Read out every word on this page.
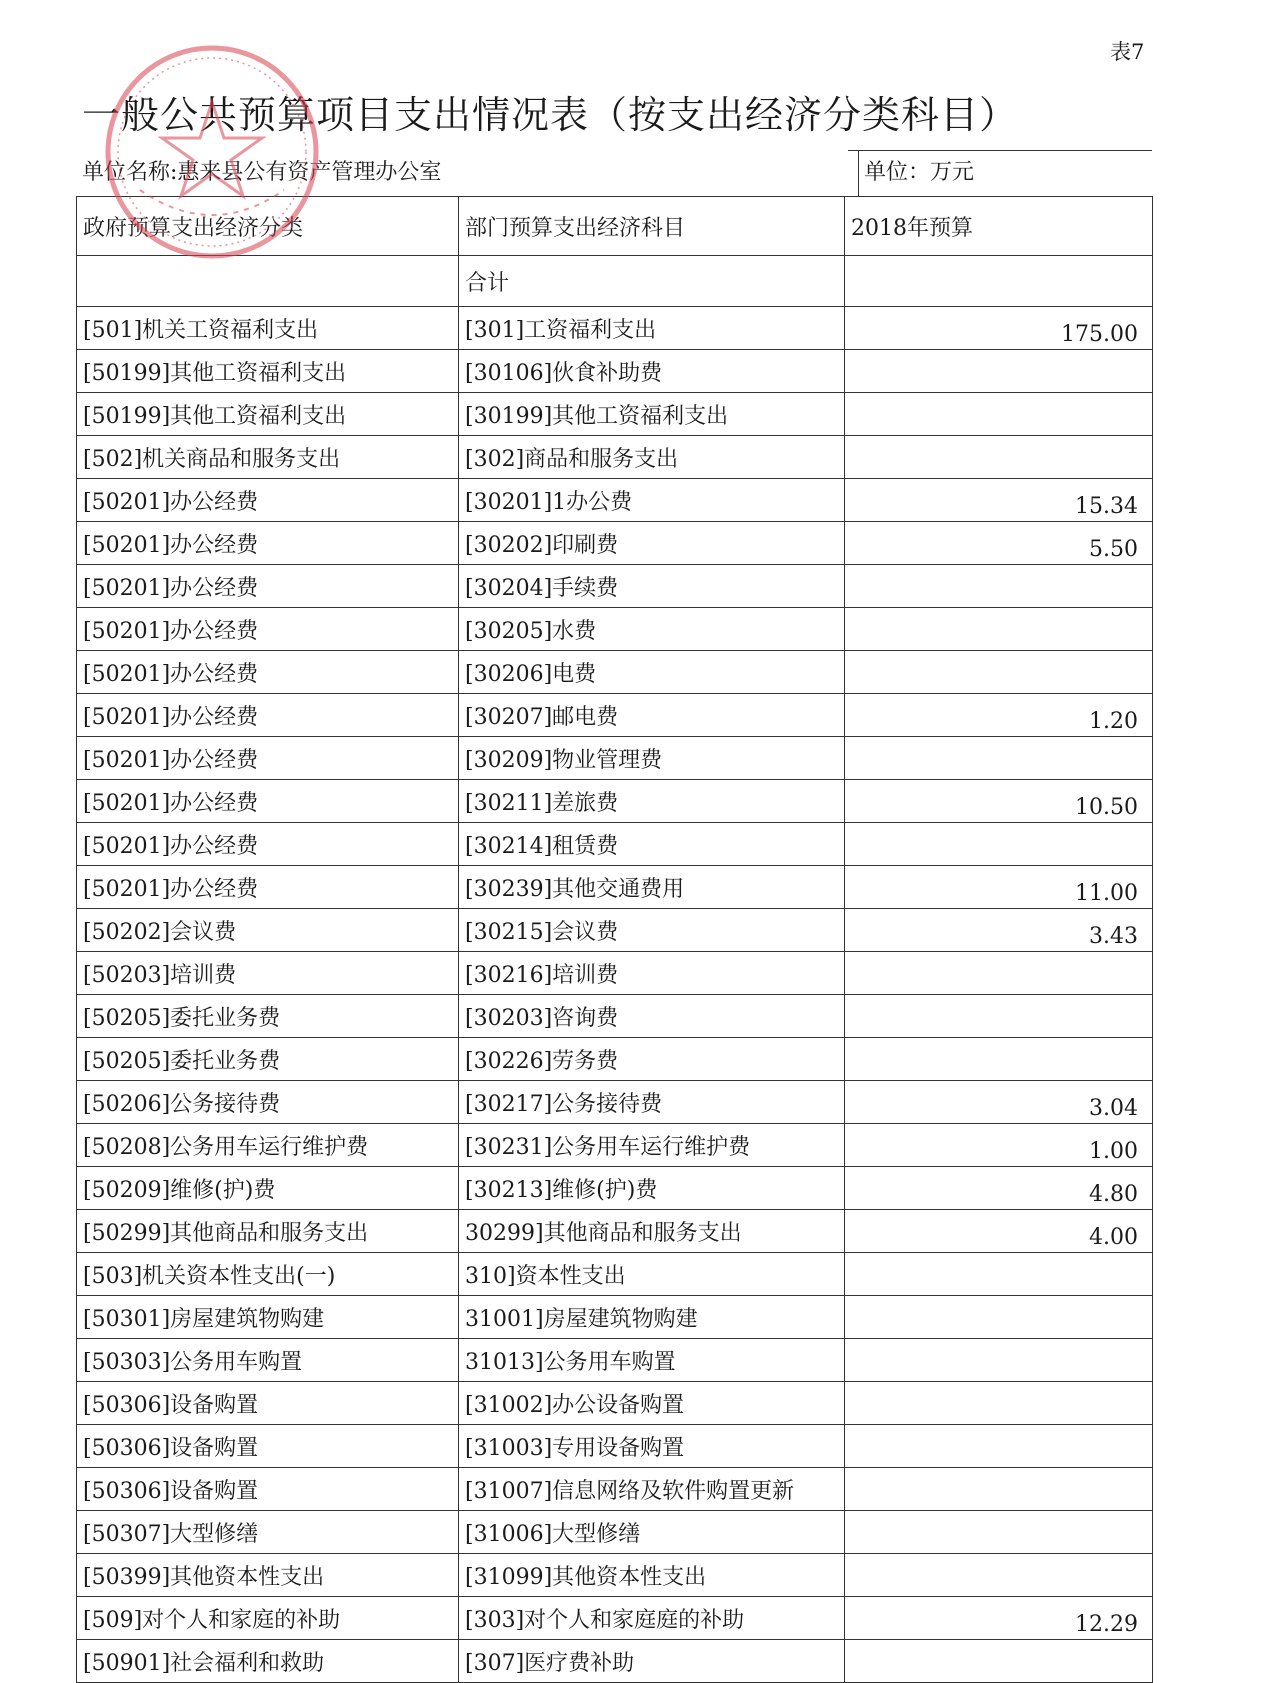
表7
一般公共预算项目支出情况表（按支出经济分类科目）
单位名称:惠来县公有资产管理办公室	单位：万元
政府预算支出经济分类	部门预算支出经济科目	2018年预算
	合计	
[501]机关工资福利支出	[301]工资福利支出	175.00
[50199]其他工资福利支出	[30106]伙食补助费	
[50199]其他工资福利支出	[30199]其他工资福利支出	
[502]机关商品和服务支出	[302]商品和服务支出	
[50201]办公经费	[30201]1办公费	15.34
[50201]办公经费	[30202]印刷费	5.50
[50201]办公经费	[30204]手续费	
[50201]办公经费	[30205]水费	
[50201]办公经费	[30206]电费	
[50201]办公经费	[30207]邮电费	1.20
[50201]办公经费	[30209]物业管理费	
[50201]办公经费	[30211]差旅费	10.50
[50201]办公经费	[30214]租赁费	
[50201]办公经费	[30239]其他交通费用	11.00
[50202]会议费	[30215]会议费	3.43
[50203]培训费	[30216]培训费	
[50205]委托业务费	[30203]咨询费	
[50205]委托业务费	[30226]劳务费	
[50206]公务接待费	[30217]公务接待费	3.04
[50208]公务用车运行维护费	[30231]公务用车运行维护费	1.00
[50209]维修(护)费	[30213]维修(护)费	4.80
[50299]其他商品和服务支出	30299]其他商品和服务支出	4.00
[503]机关资本性支出(一)	310]资本性支出	
[50301]房屋建筑物购建	31001]房屋建筑物购建	
[50303]公务用车购置	31013]公务用车购置	
[50306]设备购置	[31002]办公设备购置	
[50306]设备购置	[31003]专用设备购置	
[50306]设备购置	[31007]信息网络及软件购置更新	
[50307]大型修缮	[31006]大型修缮	
[50399]其他资本性支出	[31099]其他资本性支出	
[509]对个人和家庭的补助	[303]对个人和家庭庭的补助	12.29
[50901]社会福利和救助	[307]医疗费补助	
